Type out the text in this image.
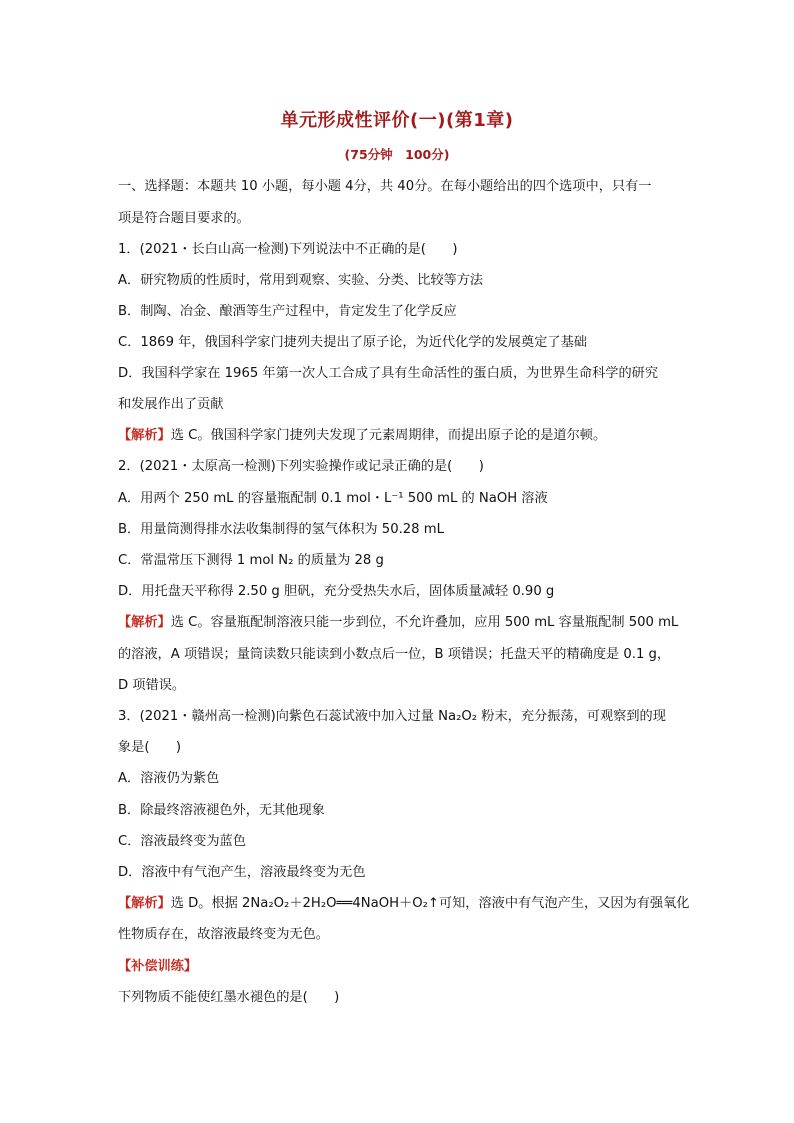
单元形成性评价(一)(第1章)
(75分钟　100分)
一、选择题：本题共 10 小题，每小题 4分，共 40分。在每小题给出的四个选项中，只有一
项是符合题目要求的。
1．(2021・长白山高一检测)下列说法中不正确的是(　　)
A．研究物质的性质时，常用到观察、实验、分类、比较等方法
B．制陶、冶金、酿酒等生产过程中，肯定发生了化学反应
C．1869 年，俄国科学家门捷列夫提出了原子论，为近代化学的发展奠定了基础
D．我国科学家在 1965 年第一次人工合成了具有生命活性的蛋白质，为世界生命科学的研究
和发展作出了贡献
【解析】选 C。俄国科学家门捷列夫发现了元素周期律，而提出原子论的是道尔顿。
2．(2021・太原高一检测)下列实验操作或记录正确的是(　　)
A．用两个 250 mL 的容量瓶配制 0.1 mol・L⁻¹ 500 mL 的 NaOH 溶液
B．用量筒测得排水法收集制得的氢气体积为 50.28 mL
C．常温常压下测得 1 mol N₂ 的质量为 28 g
D．用托盘天平称得 2.50 g 胆矾，充分受热失水后，固体质量减轻 0.90 g
【解析】选 C。容量瓶配制溶液只能一步到位，不允许叠加，应用 500 mL 容量瓶配制 500 mL
的溶液，A 项错误；量筒读数只能读到小数点后一位，B 项错误；托盘天平的精确度是 0.1 g，
D 项错误。
3．(2021・赣州高一检测)向紫色石蕊试液中加入过量 Na₂O₂ 粉末，充分振荡，可观察到的现
象是(　　)
A．溶液仍为紫色
B．除最终溶液褪色外，无其他现象
C．溶液最终变为蓝色
D．溶液中有气泡产生，溶液最终变为无色
【解析】选 D。根据 2Na₂O₂＋2H₂O══4NaOH＋O₂↑可知，溶液中有气泡产生，又因为有强氧化
性物质存在，故溶液最终变为无色。
【补偿训练】
下列物质不能使红墨水褪色的是(　　)
